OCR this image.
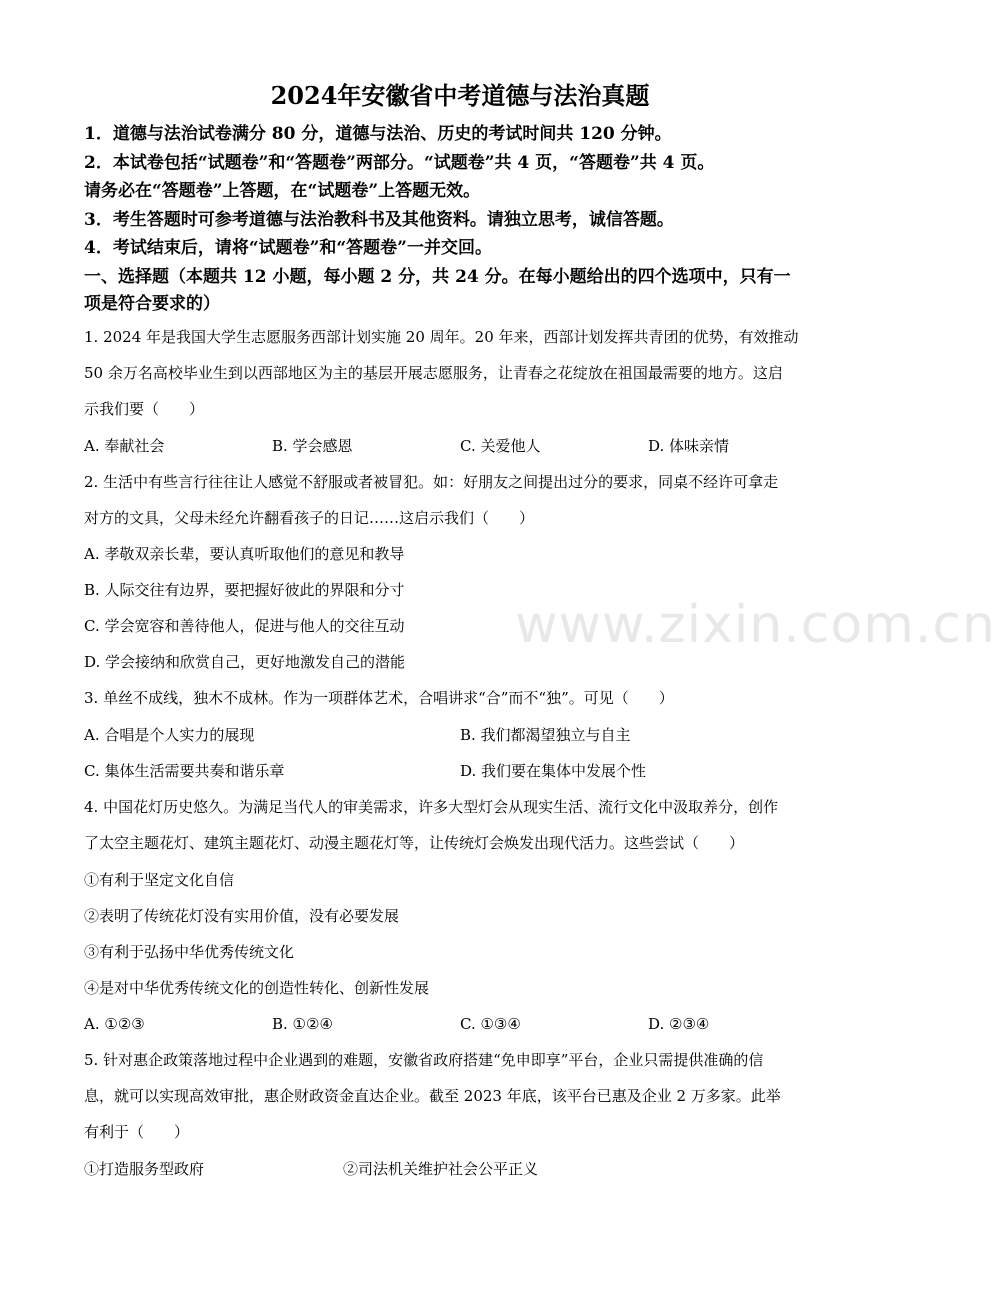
2024年安徽省中考道德与法治真题
1．道德与法治试卷满分 80 分，道德与法治、历史的考试时间共 120 分钟。
2．本试卷包括“试题卷”和“答题卷”两部分。“试题卷”共 4 页，“答题卷”共 4 页。
请务必在“答题卷”上答题，在“试题卷”上答题无效。
3．考生答题时可参考道德与法治教科书及其他资料。请独立思考，诚信答题。
4．考试结束后，请将“试题卷”和“答题卷”一并交回。
一、选择题（本题共 12 小题，每小题 2 分，共 24 分。在每小题给出的四个选项中，只有一
项是符合要求的）
1. 2024 年是我国大学生志愿服务西部计划实施 20 周年。20 年来，西部计划发挥共青团的优势，有效推动
50 余万名高校毕业生到以西部地区为主的基层开展志愿服务，让青春之花绽放在祖国最需要的地方。这启
示我们要（　　）
A. 奉献社会	B. 学会感恩	C. 关爱他人	D. 体味亲情
2. 生活中有些言行往往让人感觉不舒服或者被冒犯。如：好朋友之间提出过分的要求，同桌不经许可拿走
对方的文具，父母未经允许翻看孩子的日记……这启示我们（　　）
A. 孝敬双亲长辈，要认真听取他们的意见和教导
B. 人际交往有边界，要把握好彼此的界限和分寸
C. 学会宽容和善待他人，促进与他人的交往互动
D. 学会接纳和欣赏自己，更好地激发自己的潜能
3. 单丝不成线，独木不成林。作为一项群体艺术，合唱讲求“合”而不“独”。可见（　　）
A. 合唱是个人实力的展现	B. 我们都渴望独立与自主
C. 集体生活需要共奏和谐乐章	D. 我们要在集体中发展个性
4. 中国花灯历史悠久。为满足当代人的审美需求，许多大型灯会从现实生活、流行文化中汲取养分，创作
了太空主题花灯、建筑主题花灯、动漫主题花灯等，让传统灯会焕发出现代活力。这些尝试（　　）
①有利于坚定文化自信
②表明了传统花灯没有实用价值，没有必要发展
③有利于弘扬中华优秀传统文化
④是对中华优秀传统文化的创造性转化、创新性发展
A. ①②③	B. ①②④	C. ①③④	D. ②③④
5. 针对惠企政策落地过程中企业遇到的难题，安徽省政府搭建“免申即享”平台，企业只需提供准确的信
息，就可以实现高效审批，惠企财政资金直达企业。截至 2023 年底，该平台已惠及企业 2 万多家。此举
有利于（　　）
①打造服务型政府	②司法机关维护社会公平正义
www.zixin.com.cn
